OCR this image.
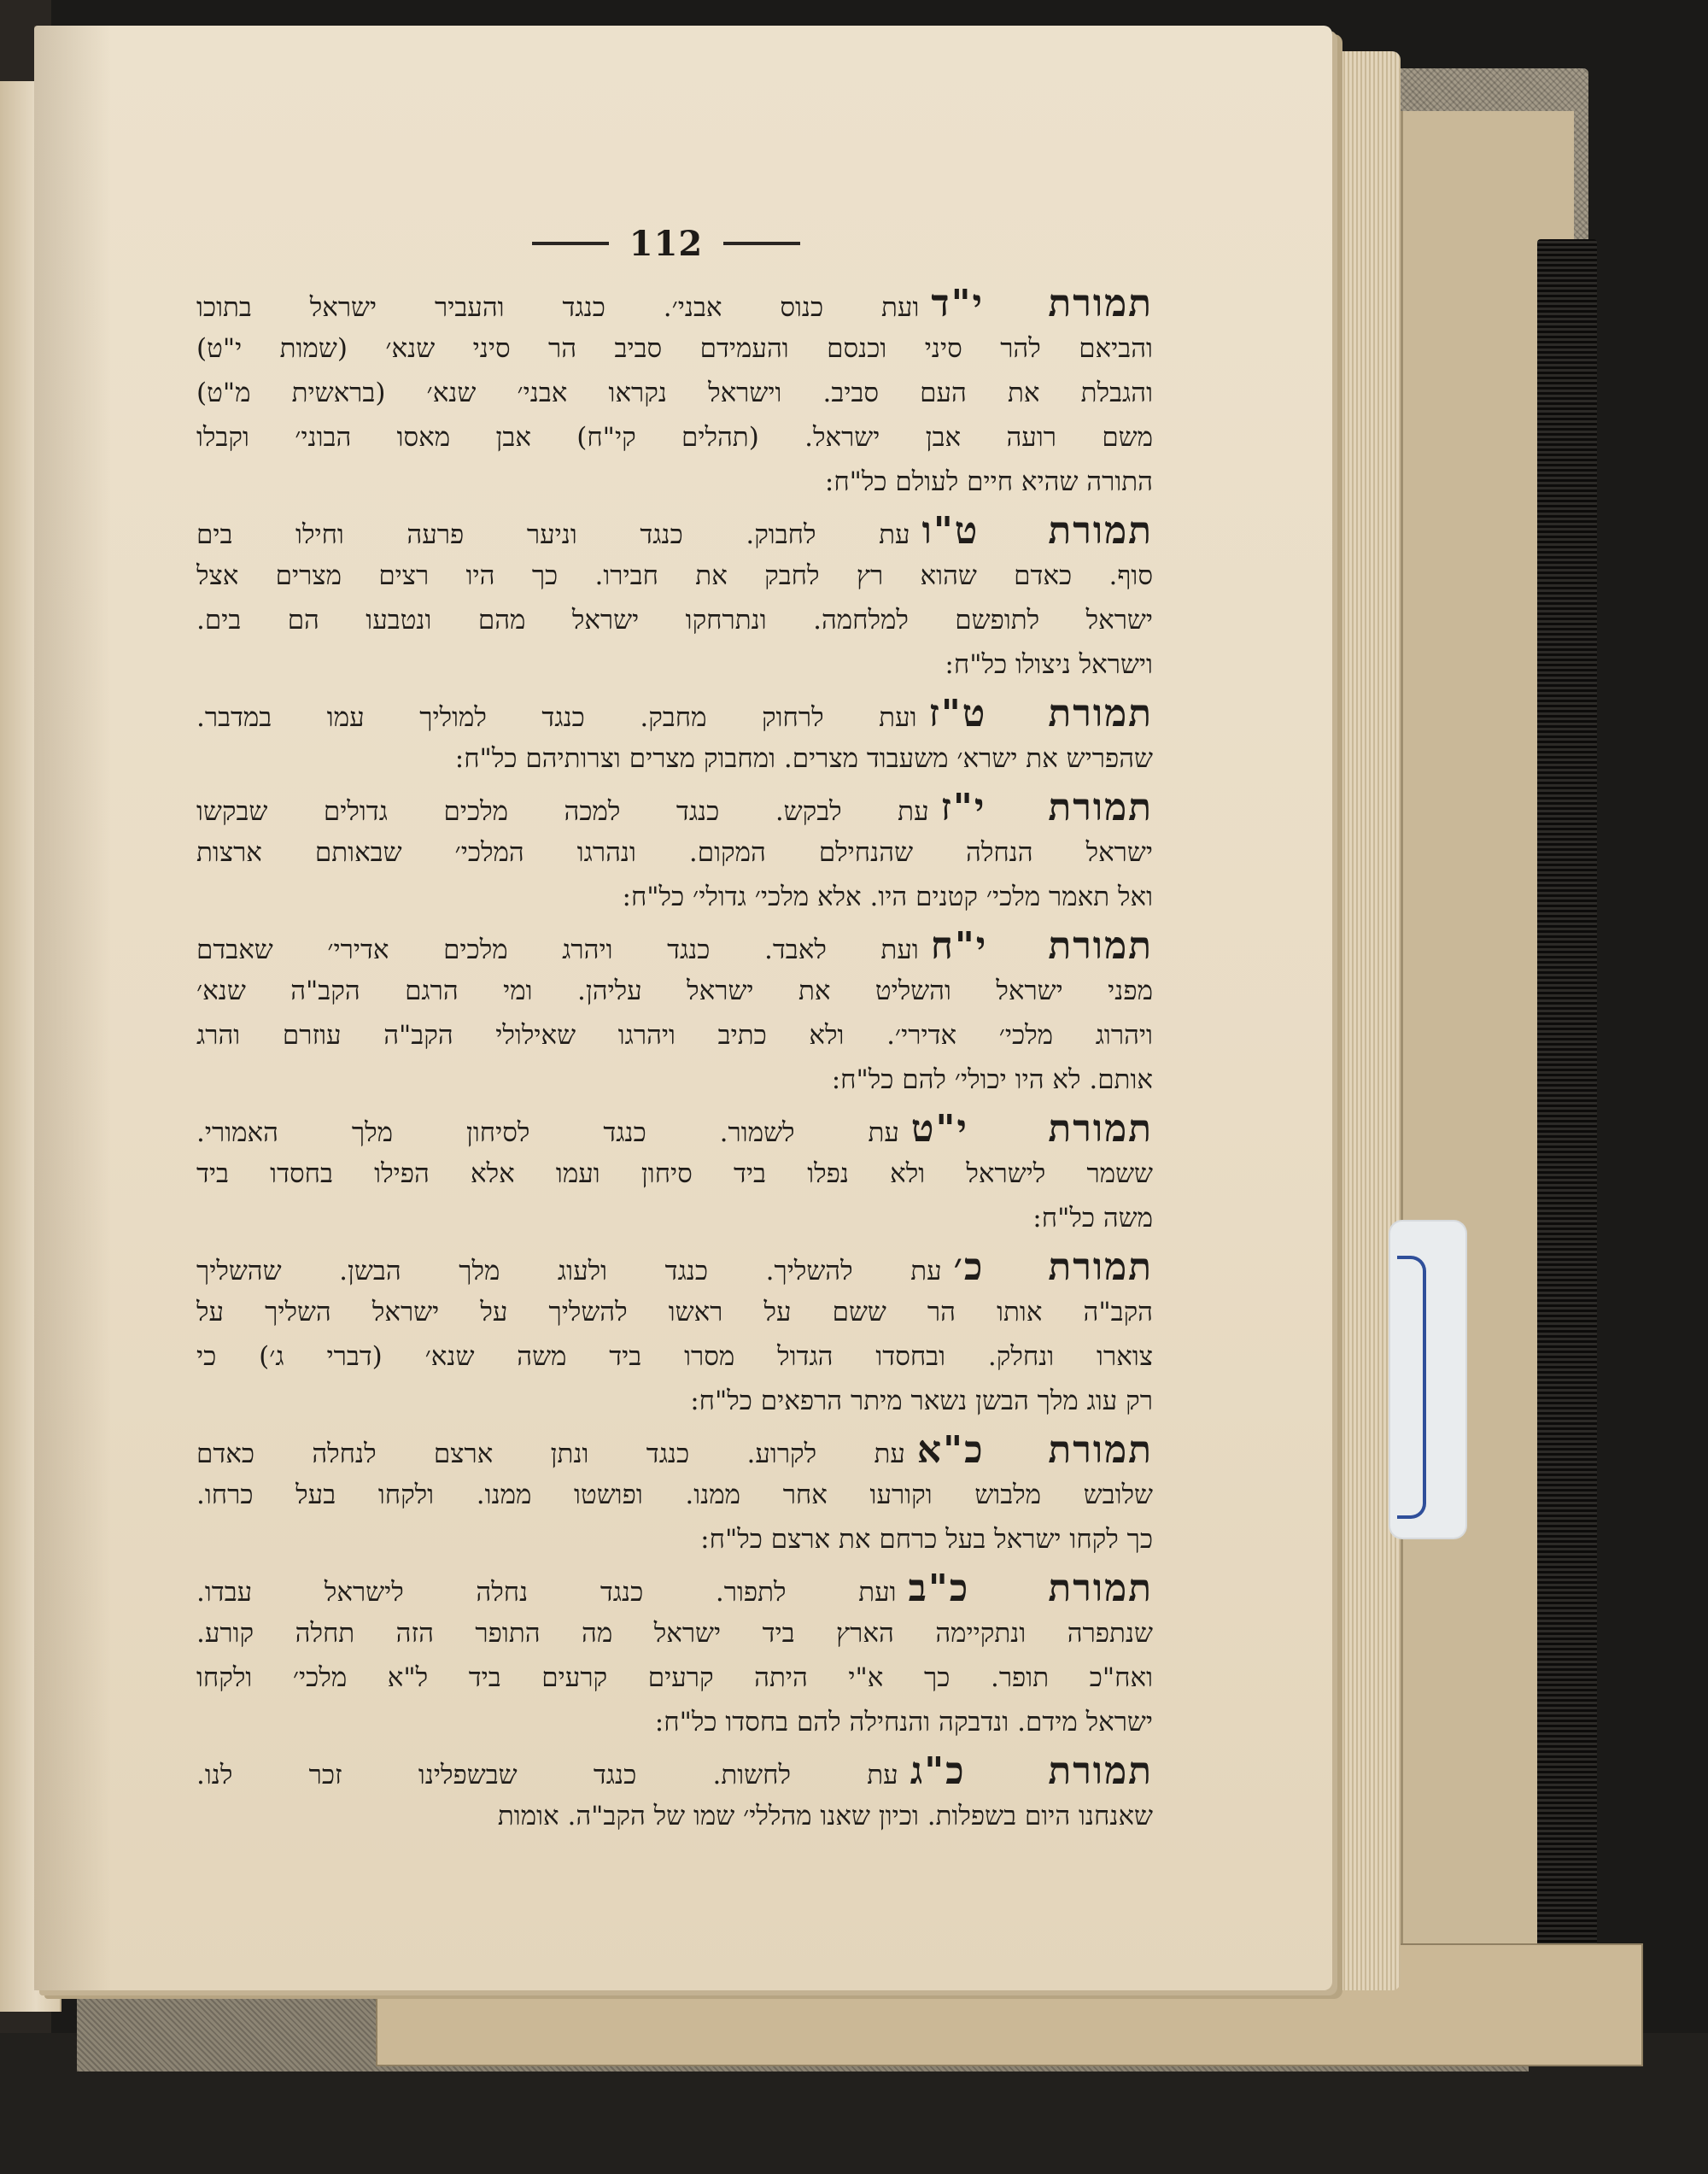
112
תמורת י"דועת כנוס אבני׳. כנגד והעביר ישראל בתוכו
והביאם להר סיני וכנסם והעמידם סביב הר סיני שנא׳ (שמות י"ט)
והגבלת את העם סביב. וישראל נקראו אבני׳ שנא׳ (בראשית מ"ט)
משם רועה אבן ישראל. (תהלים קי"ח) אבן מאסו הבוני׳ וקבלו
התורה שהיא חיים לעולם כל"ח:
תמורת ט"ועת לחבוק. כנגד וניער פרעה וחילו בים
סוף. כאדם שהוא רץ לחבק את חבירו. כך היו רצים מצרים אצל
ישראל לתופשם למלחמה. ונתרחקו ישראל מהם ונטבעו הם בים.
וישראל ניצולו כל"ח:
תמורת ט"זועת לרחוק מחבק. כנגד למוליך עמו במדבר.
שהפריש את ישרא׳ משעבוד מצרים. ומחבוק מצרים וצרותיהם כל"ח:
תמורת י"זעת לבקש. כנגד למכה מלכים גדולים שבקשו
ישראל הנחלה שהנחילם המקום. ונהרגו המלכי׳ שבאותם ארצות
ואל תאמר מלכי׳ קטנים היו. אלא מלכי׳ גדולי׳ כל"ח:
תמורת י"חועת לאבד. כנגד ויהרג מלכים אדירי׳ שאבדם
מפני ישראל והשליט את ישראל עליהן. ומי הרגם הקב"ה שנא׳
ויהרוג מלכי׳ אדירי׳. ולא כתיב ויהרגו שאילולי הקב"ה עוזרם והרג
אותם. לא היו יכולי׳ להם כל"ח:
תמורת י"טעת לשמור. כנגד לסיחון מלך האמורי.
ששמר לישראל ולא נפלו ביד סיחון ועמו אלא הפילו בחסדו ביד
משה כל"ח:
תמורת כ׳עת להשליך. כנגד ולעוג מלך הבשן. שהשליך
הקב"ה אותו הר ששם על ראשו להשליך על ישראל השליך על
צוארו ונחלק. ובחסדו הגדול מסרו ביד משה שנא׳ (דברי ג׳) כי
רק עוג מלך הבשן נשאר מיתר הרפאים כל"ח:
תמורת כ"אעת לקרוע. כנגד ונתן ארצם לנחלה כאדם
שלובש מלבוש וקורעו אחר ממנו. ופושטו ממנו. ולקחו בעל כרחו.
כך לקחו ישראל בעל כרחם את ארצם כל"ח:
תמורת כ"בועת לתפור. כנגד נחלה לישראל עבדו.
שנתפרה ונתקיימה הארץ ביד ישראל מה התופר הזה תחלה קורע.
ואח"כ תופר. כך א"י היתה קרעים קרעים ביד ל"א מלכי׳ ולקחו
ישראל מידם. ונדבקה והנחילה להם בחסדו כל"ח:
תמורת כ"געת לחשות. כנגד שבשפלינו זכר לנו.
שאנחנו היום בשפלות. וכיון שאנו מהללי׳ שמו של הקב"ה. אומות
